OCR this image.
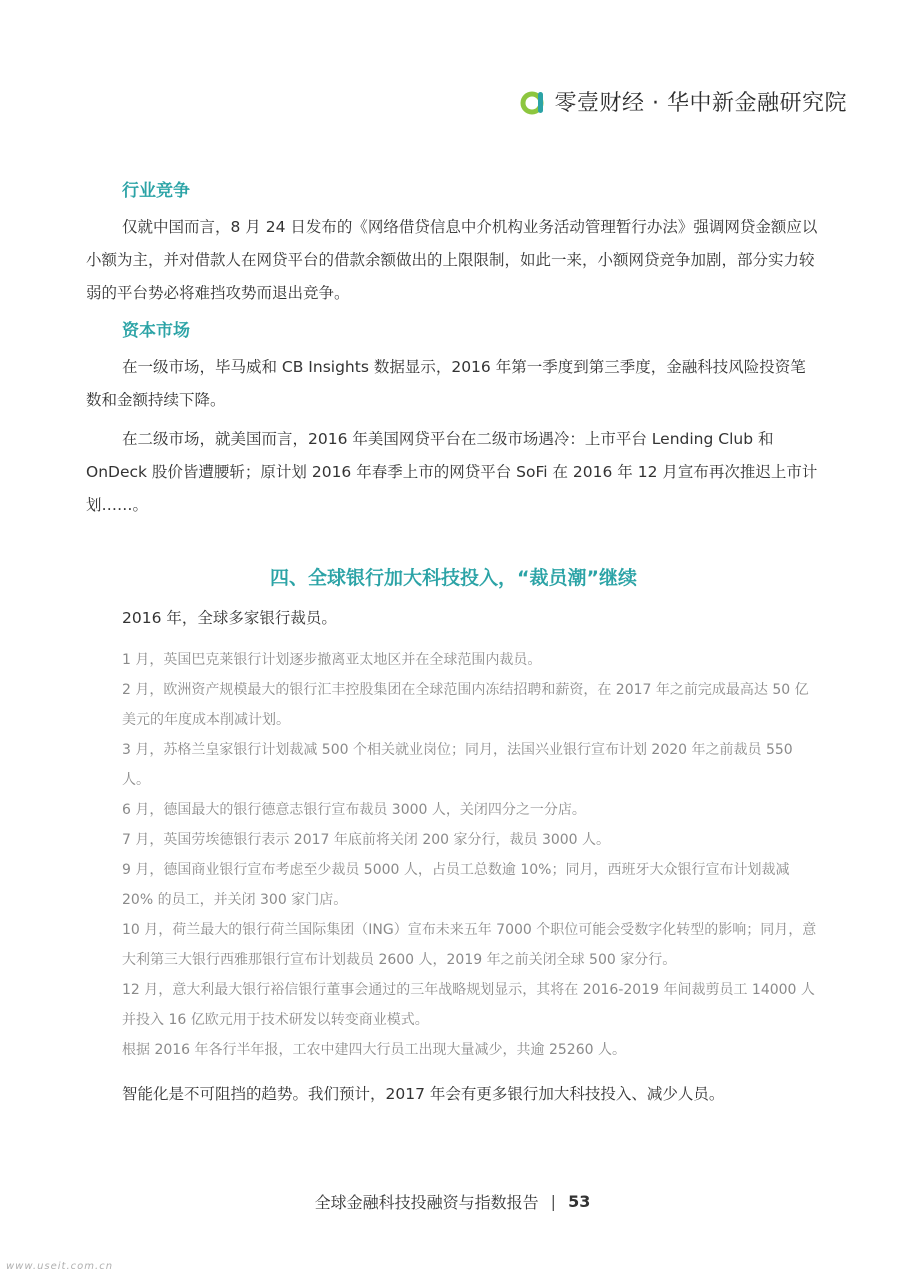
零壹财经 · 华中新金融研究院
行业竞争

仅就中国而言，8 月 24 日发布的《网络借贷信息中介机构业务活动管理暂行办法》强调网贷金额应以小额为主，并对借款人在网贷平台的借款余额做出的上限限制，如此一来，小额网贷竞争加剧，部分实力较弱的平台势必将难挡攻势而退出竞争。

资本市场

在一级市场，毕马威和 CB Insights 数据显示，2016 年第一季度到第三季度，金融科技风险投资笔数和金额持续下降。

在二级市场，就美国而言，2016 年美国网贷平台在二级市场遇冷：上市平台 Lending Club 和 OnDeck 股价皆遭腰斩；原计划 2016 年春季上市的网贷平台 SoFi 在 2016 年 12 月宣布再次推迟上市计划……。

四、全球银行加大科技投入，“裁员潮”继续
2016 年，全球多家银行裁员。
1 月，英国巴克莱银行计划逐步撤离亚太地区并在全球范围内裁员。
2 月，欧洲资产规模最大的银行汇丰控股集团在全球范围内冻结招聘和薪资，在 2017 年之前完成最高达 50 亿美元的年度成本削减计划。
3 月，苏格兰皇家银行计划裁减 500 个相关就业岗位；同月，法国兴业银行宣布计划 2020 年之前裁员 550 人。
6 月，德国最大的银行德意志银行宣布裁员 3000 人，关闭四分之一分店。
7 月，英国劳埃德银行表示 2017 年底前将关闭 200 家分行，裁员 3000 人。
9 月，德国商业银行宣布考虑至少裁员 5000 人，占员工总数逾 10%；同月，西班牙大众银行宣布计划裁减 20% 的员工，并关闭 300 家门店。
10 月，荷兰最大的银行荷兰国际集团（ING）宣布未来五年 7000 个职位可能会受数字化转型的影响；同月，意大利第三大银行西雅那银行宣布计划裁员 2600 人，2019 年之前关闭全球 500 家分行。
12 月，意大利最大银行裕信银行董事会通过的三年战略规划显示，其将在 2016-2019 年间裁剪员工 14000 人并投入 16 亿欧元用于技术研发以转变商业模式。
根据 2016 年各行半年报，工农中建四大行员工出现大量减少，共逾 25260 人。
智能化是不可阻挡的趋势。我们预计，2017 年会有更多银行加大科技投入、减少人员。
全球金融科技投融资与指数报告 | 53
www.useit.com.cn
